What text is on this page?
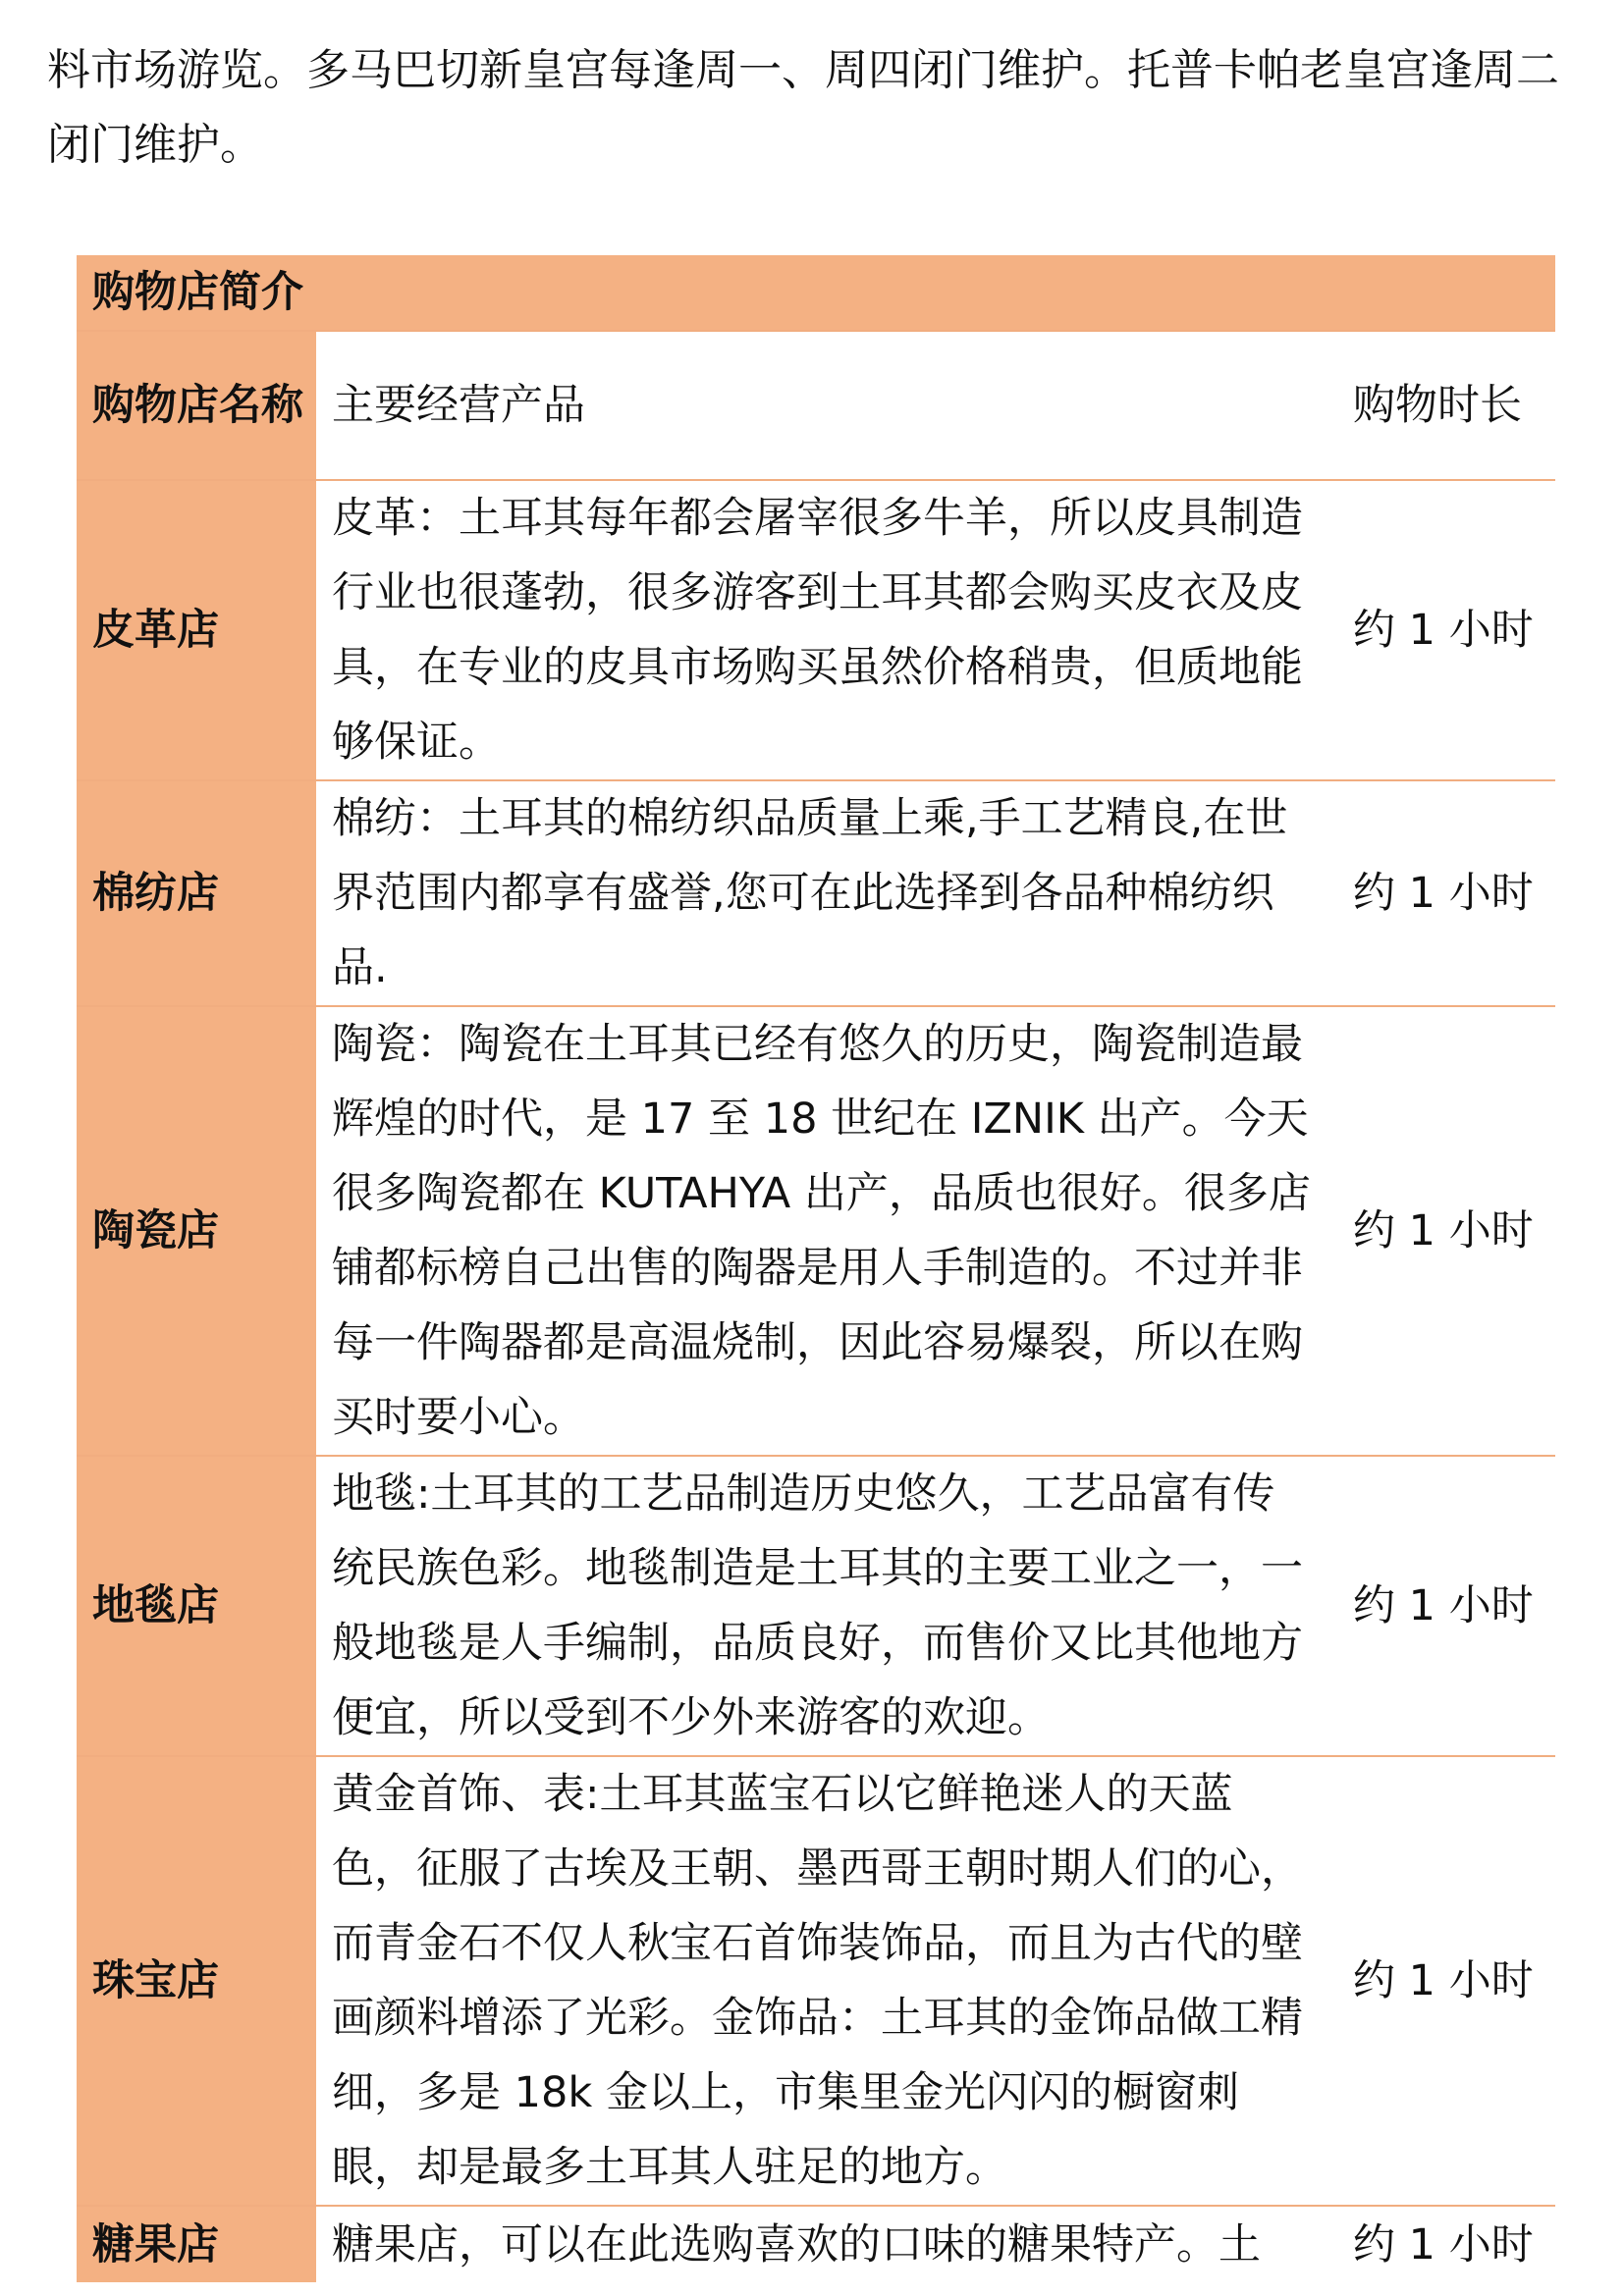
料市场游览。多马巴切新皇宫每逢周一、周四闭门维护。托普卡帕老皇宫逢周二闭门维护。

购物店简介		
购物店名称	主要经营产品	购物时长
皮革店	皮革：土耳其每年都会屠宰很多牛羊，所以皮具制造行业也很蓬勃，很多游客到土耳其都会购买皮衣及皮具，在专业的皮具市场购买虽然价格稍贵，但质地能够保证。	约 1 小时
棉纺店	棉纺：土耳其的棉纺织品质量上乘,手工艺精良,在世界范围内都享有盛誉,您可在此选择到各品种棉纺织品.	约 1 小时
陶瓷店	陶瓷：陶瓷在土耳其已经有悠久的历史，陶瓷制造最辉煌的时代，是 17 至 18 世纪在 IZNIK 出产。今天很多陶瓷都在 KUTAHYA 出产，品质也很好。很多店铺都标榜自己出售的陶器是用人手制造的。不过并非每一件陶器都是高温烧制，因此容易爆裂，所以在购买时要小心。	约 1 小时
地毯店	地毯:土耳其的工艺品制造历史悠久，工艺品富有传统民族色彩。地毯制造是土耳其的主要工业之一，一般地毯是人手编制，品质良好，而售价又比其他地方便宜，所以受到不少外来游客的欢迎。	约 1 小时
珠宝店	黄金首饰、表:土耳其蓝宝石以它鲜艳迷人的天蓝色，征服了古埃及王朝、墨西哥王朝时期人们的心，而青金石不仅人秋宝石首饰装饰品，而且为古代的壁画颜料增添了光彩。金饰品：土耳其的金饰品做工精细，多是 18k 金以上，市集里金光闪闪的橱窗刺眼，却是最多土耳其人驻足的地方。	约 1 小时
糖果店	糖果店，可以在此选购喜欢的口味的糖果特产。土	约 1 小时
